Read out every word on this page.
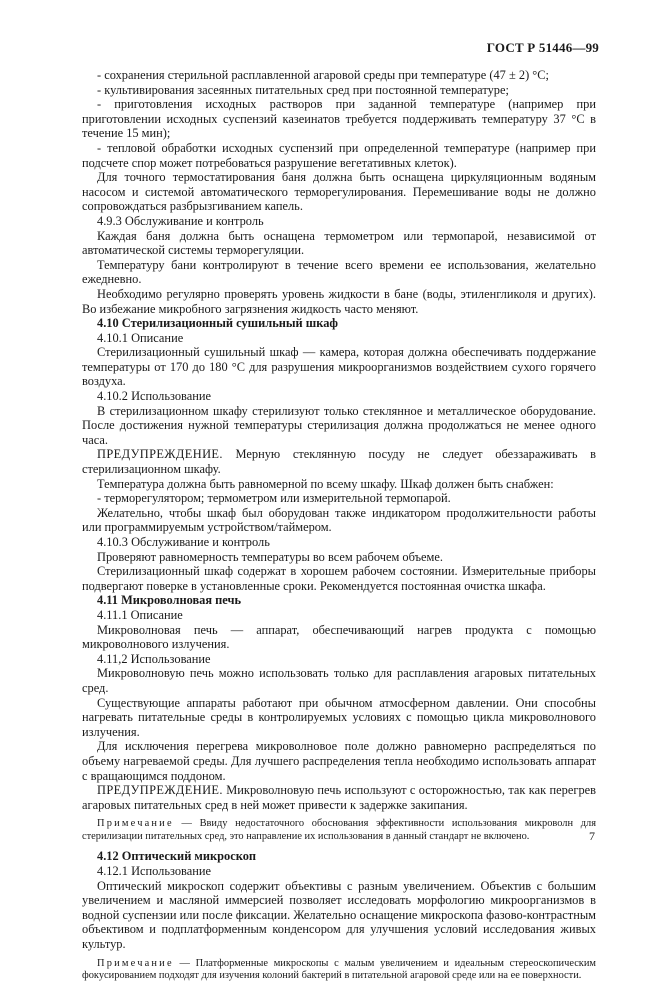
ГОСТ Р 51446—99

- сохранения стерильной расплавленной агаровой среды при температуре (47 ± 2) °С;

- культивирования засеянных питательных сред при постоянной температуре;

- приготовления исходных растворов при заданной температуре (например при приготовлении исходных суспензий казеинатов требуется поддерживать температуру 37 °С в течение 15 мин);

- тепловой обработки исходных суспензий при определенной температуре (например при подсчете спор может потребоваться разрушение вегетативных клеток).

Для точного термостатирования баня должна быть оснащена циркуляционным водяным насосом и системой автоматического терморегулирования. Перемешивание воды не должно сопровождаться разбрызгиванием капель.

4.9.3 Обслуживание и контроль

Каждая баня должна быть оснащена термометром или термопарой, независимой от автоматической системы терморегуляции.

Температуру бани контролируют в течение всего времени ее использования, желательно ежедневно.

Необходимо регулярно проверять уровень жидкости в бане (воды, этиленгликоля и других). Во избежание микробного загрязнения жидкость часто меняют.

4.10 Стерилизационный сушильный шкаф

4.10.1 Описание

Стерилизационный сушильный шкаф — камера, которая должна обеспечивать поддержание температуры от 170 до 180 °С для разрушения микроорганизмов воздействием сухого горячего воздуха.

4.10.2 Использование

В стерилизационном шкафу стерилизуют только стеклянное и металлическое оборудование. После достижения нужной температуры стерилизация должна продолжаться не менее одного часа.

ПРЕДУПРЕЖДЕНИЕ. Мерную стеклянную посуду не следует обеззараживать в стерилизационном шкафу.

Температура должна быть равномерной по всему шкафу. Шкаф должен быть снабжен:

- терморегулятором; термометром или измерительной термопарой.

Желательно, чтобы шкаф был оборудован также индикатором продолжительности работы или программируемым устройством/таймером.

4.10.3 Обслуживание и контроль

Проверяют равномерность температуры во всем рабочем объеме.

Стерилизационный шкаф содержат в хорошем рабочем состоянии. Измерительные приборы подвергают поверке в установленные сроки. Рекомендуется постоянная очистка шкафа.

4.11 Микроволновая печь

4.11.1 Описание

Микроволновая печь — аппарат, обеспечивающий нагрев продукта с помощью микроволнового излучения.

4.11,2 Использование

Микроволновую печь можно использовать только для расплавления агаровых питательных сред.

Существующие аппараты работают при обычном атмосферном давлении. Они способны нагревать питательные среды в контролируемых условиях с помощью цикла микроволнового излучения.

Для исключения перегрева микроволновое поле должно равномерно распределяться по объему нагреваемой среды. Для лучшего распределения тепла необходимо использовать аппарат с вращающимся поддоном.

ПРЕДУПРЕЖДЕНИЕ. Микроволновую печь используют с осторожностью, так как перегрев агаровых питательных сред в ней может привести к задержке закипания.

Примечание — Ввиду недостаточного обоснования эффективности использования микроволн для стерилизации питательных сред, это направление их использования в данный стандарт не включено.

4.12 Оптический микроскоп

4.12.1 Использование

Оптический микроскоп содержит объективы с разным увеличением. Объектив с большим увеличением и масляной иммерсией позволяет исследовать морфологию микроорганизмов в водной суспензии или после фиксации. Желательно оснащение микроскопа фазово-контрастным объективом и подплатформенным конденсором для улучшения условий исследования живых культур.

Примечание — Платформенные микроскопы с малым увеличением и идеальным стереоскопическим фокусированием подходят для изучения колоний бактерий в питательной агаровой среде или на ее поверхности.

7
